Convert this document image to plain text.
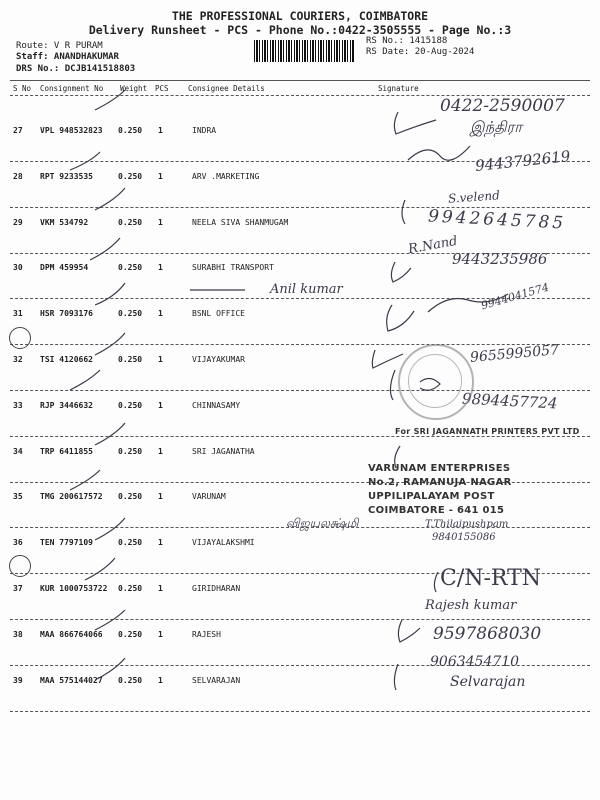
THE PROFESSIONAL COURIERS, COIMBATORE
Delivery Runsheet - PCS - Phone No.:0422-3505555 - Page No.:3
Route: V R PURAM
Staff: ANANDHAKUMAR
DRS No.: DCJB141518803
RS No.: 1415188
RS Date: 20-Aug-2024
S No Consignment No Weight PCS	Consignee Details	Signature
27 VPL 948532823 0.250 1	INDRA
28 RPT 9233535	0.250 1	ARV .MARKETING
29 VKM 534792	0.250 1	NEELA SIVA SHANMUGAM
30 DPM 459954	0.250 1	SURABHI TRANSPORT
31 HSR 7093176	0.250 1	BSNL OFFICE
32 TSI 4120662	0.250 1	VIJAYAKUMAR
33 RJP 3446632	0.250 1	CHINNASAMY
34 TRP 6411855	0.250 1	SRI JAGANATHA
35 TMG 200617572 0.250 1	VARUNAM
36 TEN 7797109	0.250 1	VIJAYALAKSHMI
37 KUR 1000753722 0.250 1	GIRIDHARAN
38 MAA 866764066 0.250 1	RAJESH
39 MAA 575144027 0.250 1	SELVARAJAN
0422-2590007
இந்திரா
9443792619
S.velend
9942645785
R.Nand
9443235986
Anil kumar	9944041574
9655995057
9894457724
For SRI JAGANNATH PRINTERS PVT LTD
VARUNAM ENTERPRISES
No.2, RAMANUJA NAGAR
UPPILIPALAYAM POST
COIMBATORE - 641 015
விஜயலக்ஷ்மி	T.Thilaipushpam
9840155086
C/N-RTN
Rajesh kumar
9597868030
9063454710
Selvarajan
